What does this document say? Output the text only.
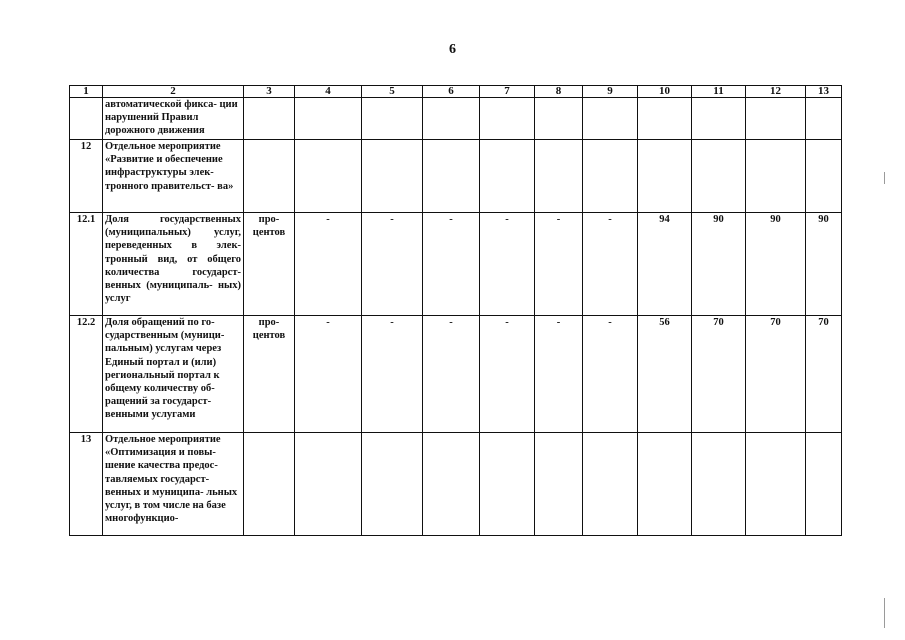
6
1	2	3	4	5	6	7	8	9	10	11	12	13
	автоматической фикса- ции нарушений Правил дорожного движения											
12	Отдельное мероприятие «Развитие и обеспечение инфраструктуры элек- тронного правительст- ва»											
12.1	Доля государственных (муниципальных) услуг, переведенных в элек- тронный вид, от общего количества государст- венных (муниципаль- ных) услуг	про- центов	-	-	-	-	-	-	94	90	90	90
12.2	Доля обращений по го- сударственным (муници- пальным) услугам через Единый портал и (или) региональный портал к общему количеству об- ращений за государст- венными услугами	про- центов	-	-	-	-	-	-	56	70	70	70
13	Отдельное мероприятие «Оптимизация и повы- шение качества предос- тавляемых государст- венных и муниципа- льных услуг, в том числе на базе многофункцио-											
